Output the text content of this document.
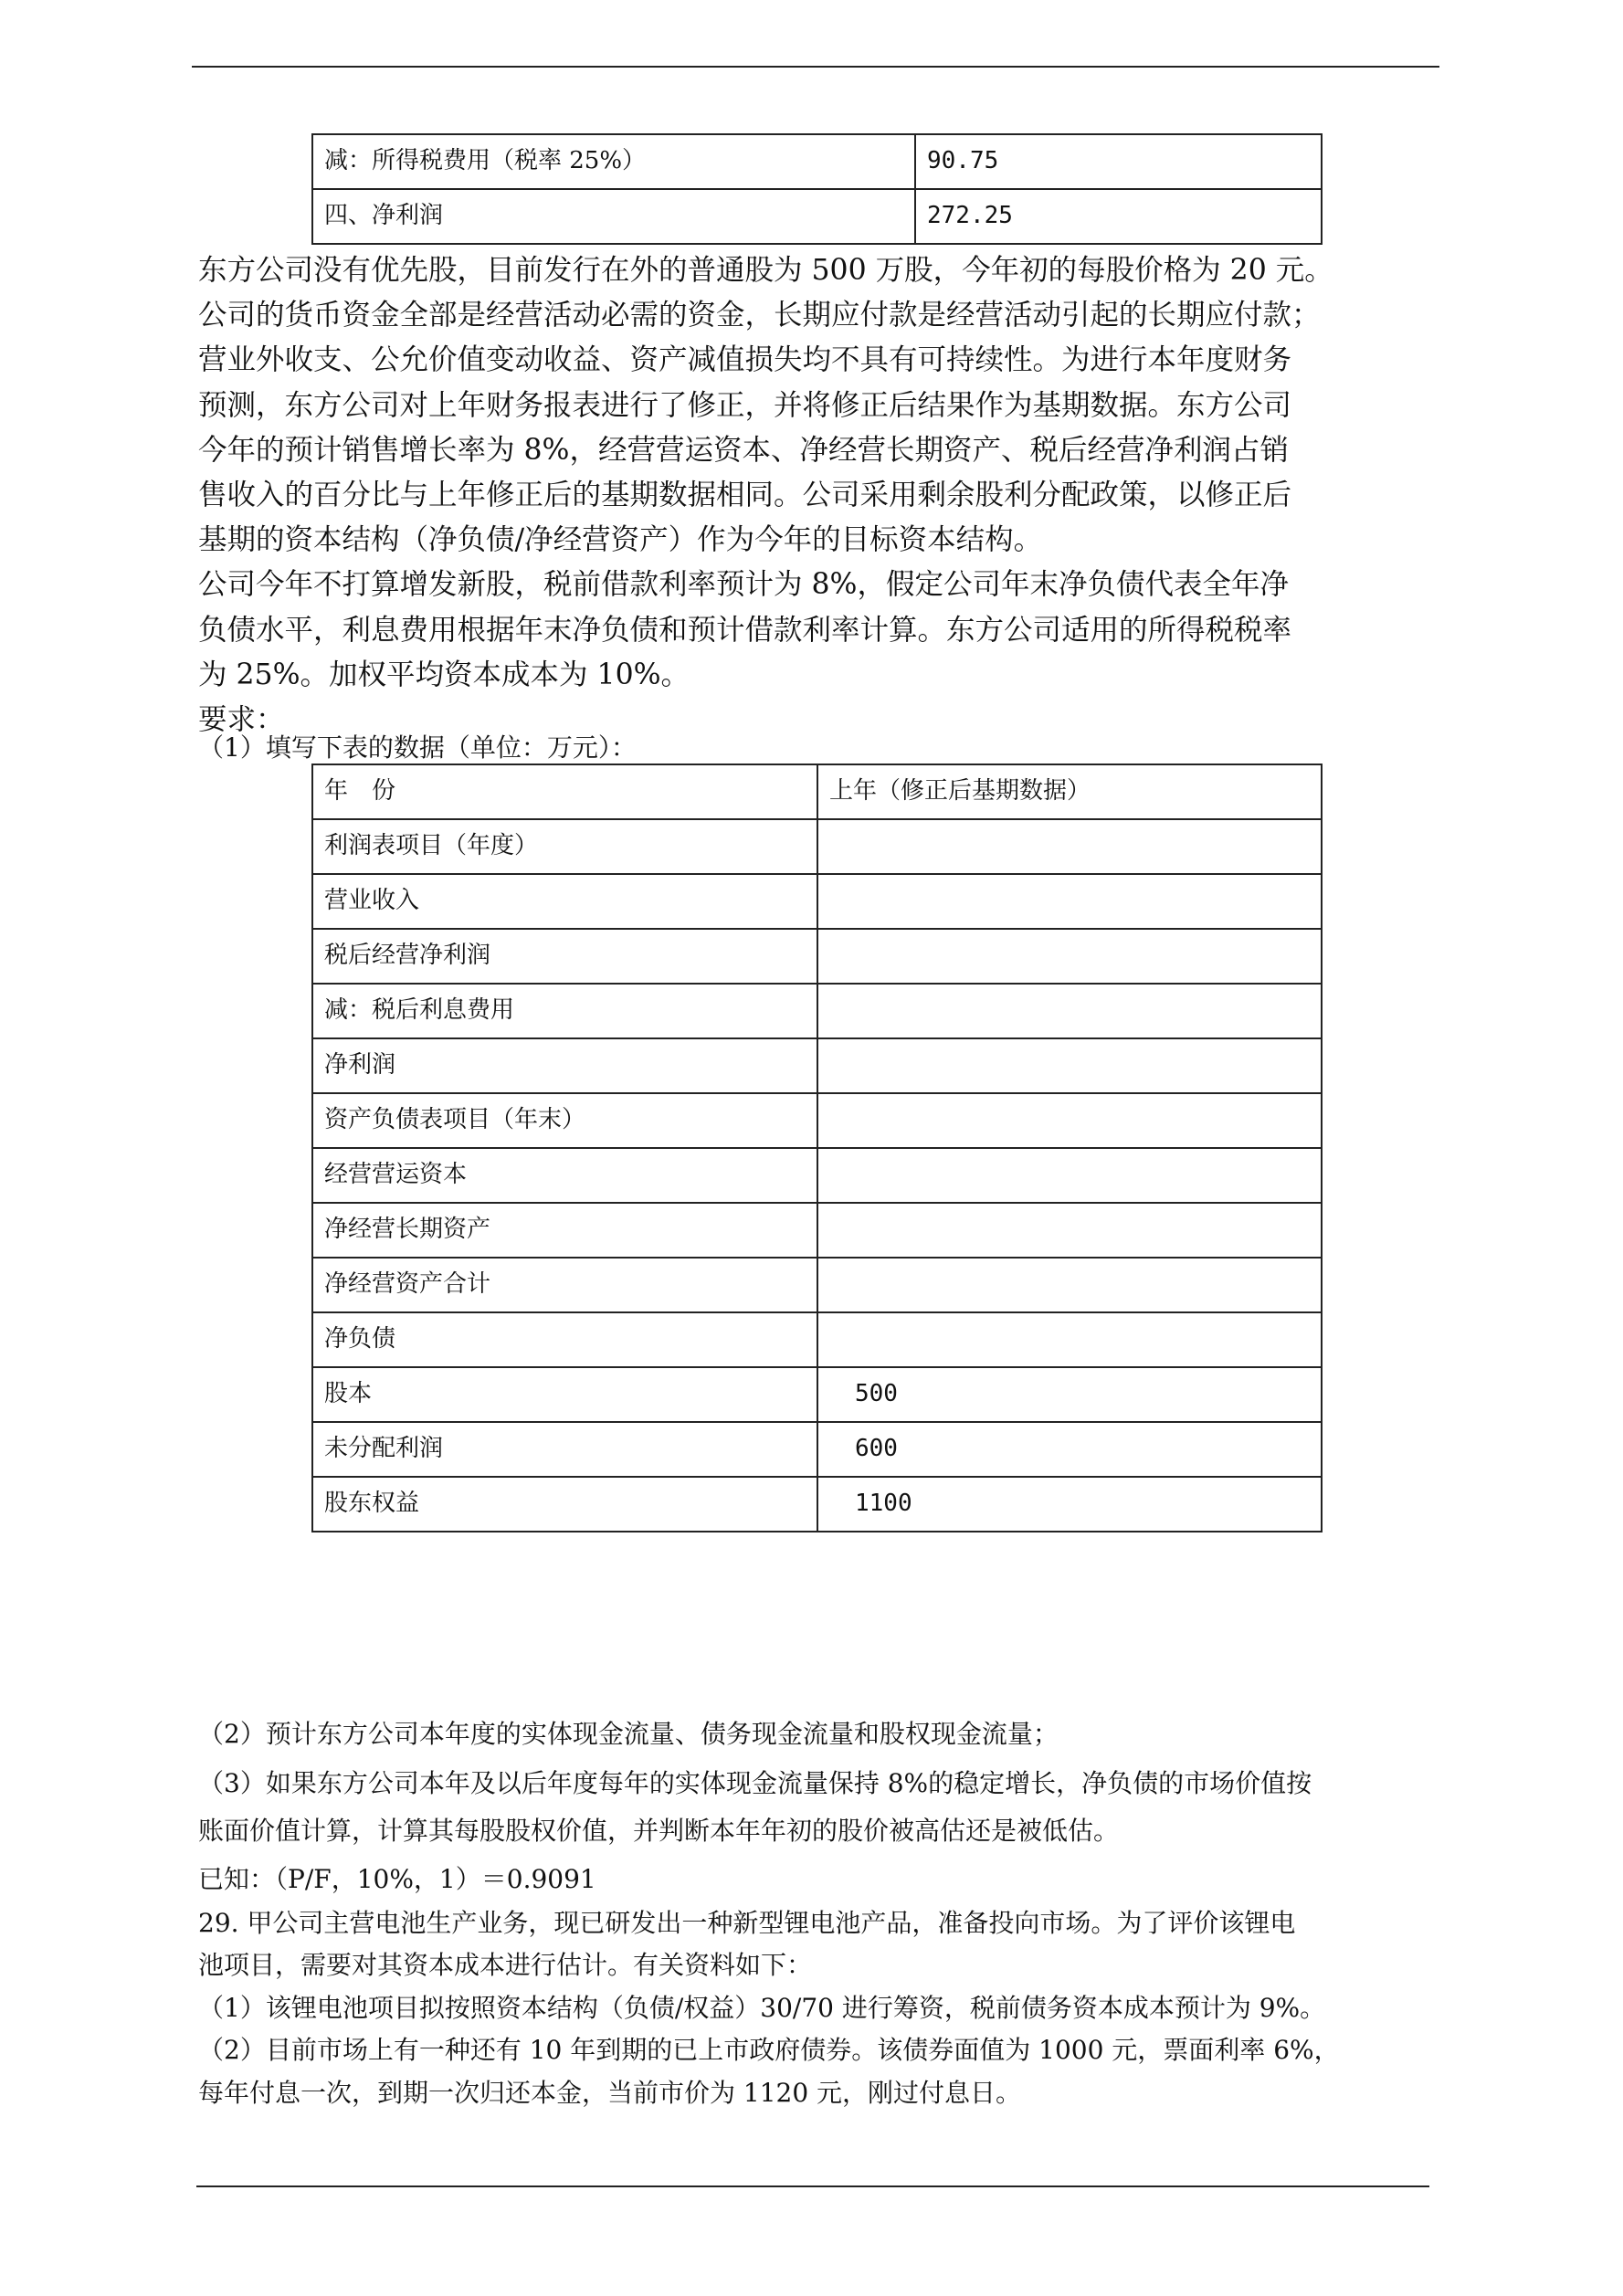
减：所得税费用（税率 25%）	90.75
四、净利润	272.25
东方公司没有优先股，目前发行在外的普通股为 500 万股，今年初的每股价格为 20 元。
公司的货币资金全部是经营活动必需的资金，长期应付款是经营活动引起的长期应付款；
营业外收支、公允价值变动收益、资产减值损失均不具有可持续性。为进行本年度财务
预测，东方公司对上年财务报表进行了修正，并将修正后结果作为基期数据。东方公司
今年的预计销售增长率为 8%，经营营运资本、净经营长期资产、税后经营净利润占销
售收入的百分比与上年修正后的基期数据相同。公司采用剩余股利分配政策，以修正后
基期的资本结构（净负债/净经营资产）作为今年的目标资本结构。
公司今年不打算增发新股，税前借款利率预计为 8%，假定公司年末净负债代表全年净
负债水平，利息费用根据年末净负债和预计借款利率计算。东方公司适用的所得税税率
为 25%。加权平均资本成本为 10%。
要求：
（1）填写下表的数据（单位：万元）：
年　份	上年（修正后基期数据）
利润表项目（年度）	
营业收入	
税后经营净利润	
减：税后利息费用	
净利润	
资产负债表项目（年末）	
经营营运资本	
净经营长期资产	
净经营资产合计	
净负债	
股本	500
未分配利润	600
股东权益	1100
（2）预计东方公司本年度的实体现金流量、债务现金流量和股权现金流量；
（3）如果东方公司本年及以后年度每年的实体现金流量保持 8%的稳定增长，净负债的市场价值按
账面价值计算，计算其每股股权价值，并判断本年年初的股价被高估还是被低估。
已知：（P/F，10%，1）＝0.9091
29. 甲公司主营电池生产业务，现已研发出一种新型锂电池产品，准备投向市场。为了评价该锂电
池项目，需要对其资本成本进行估计。有关资料如下：
（1）该锂电池项目拟按照资本结构（负债/权益）30/70 进行筹资，税前债务资本成本预计为 9%。
（2）目前市场上有一种还有 10 年到期的已上市政府债券。该债券面值为 1000 元，票面利率 6%，
每年付息一次，到期一次归还本金，当前市价为 1120 元，刚过付息日。
